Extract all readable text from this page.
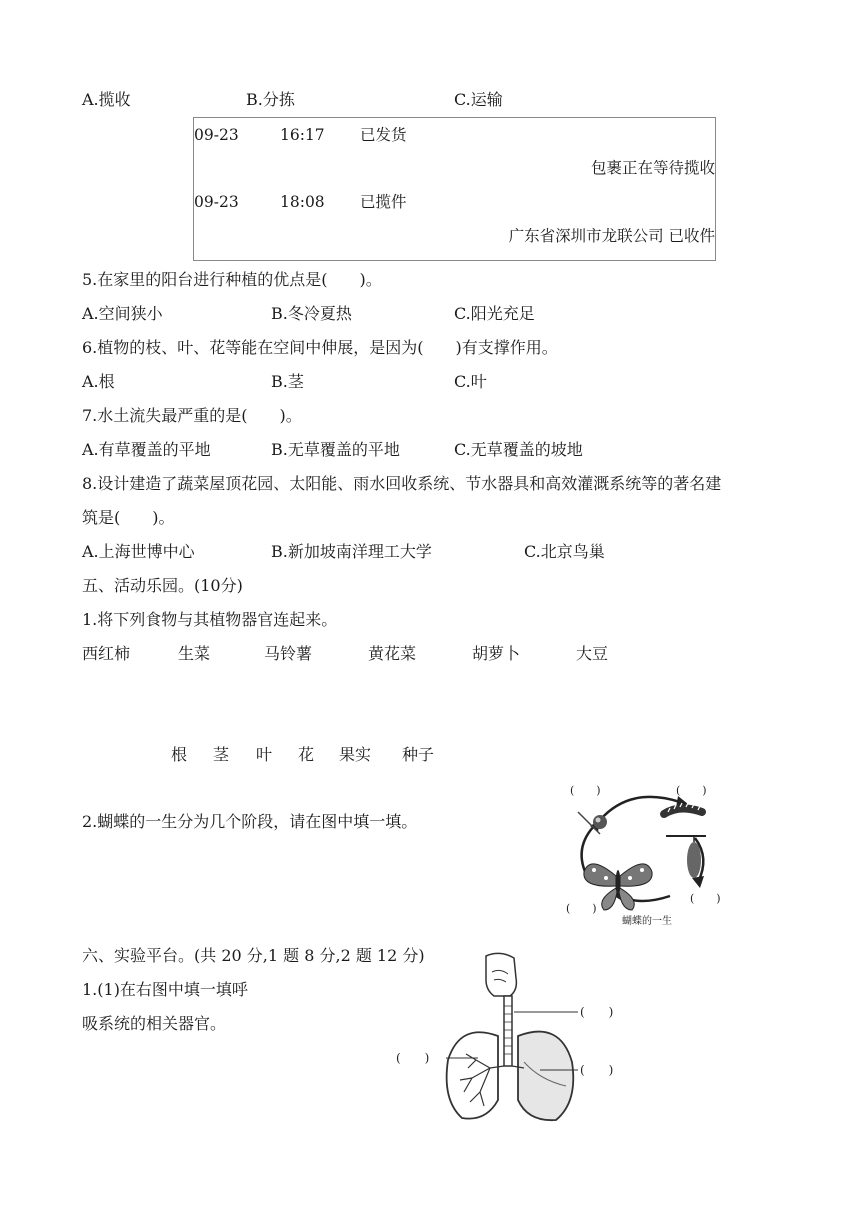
A.揽收	B.分拣	C.运输
09-23	16:17 已发货
包裹正在等待揽收
09-23	18:08 已揽件
广东省深圳市龙联公司 已收件
5.在家里的阳台进行种植的优点是(　　)。
A.空间狭小	B.冬冷夏热	C.阳光充足
6.植物的枝、叶、花等能在空间中伸展，是因为(　　)有支撑作用。
A.根	B.茎	C.叶
7.水土流失最严重的是(　　)。
A.有草覆盖的平地	B.无草覆盖的平地	C.无草覆盖的坡地
8.设计建造了蔬菜屋顶花园、太阳能、雨水回收系统、节水器具和高效灌溉系统等的著名建
筑是(　　)。
A.上海世博中心	B.新加坡南洋理工大学	C.北京鸟巢
五、活动乐园。(10分)
1.将下列食物与其植物器官连起来。
西红柿	生菜	马铃薯	黄花菜	胡萝卜	大豆
根 茎 叶 花 果实 种子
2.蝴蝶的一生分为几个阶段，请在图中填一填。
(　　)	(　　)
(　　)
(　　)
蝴蝶的一生
六、实验平台。(共 20 分,1 题 8 分,2 题 12 分)
1.(1)在右图中填一填呼
吸系统的相关器官。
(　　)
(　　)
(　　)
